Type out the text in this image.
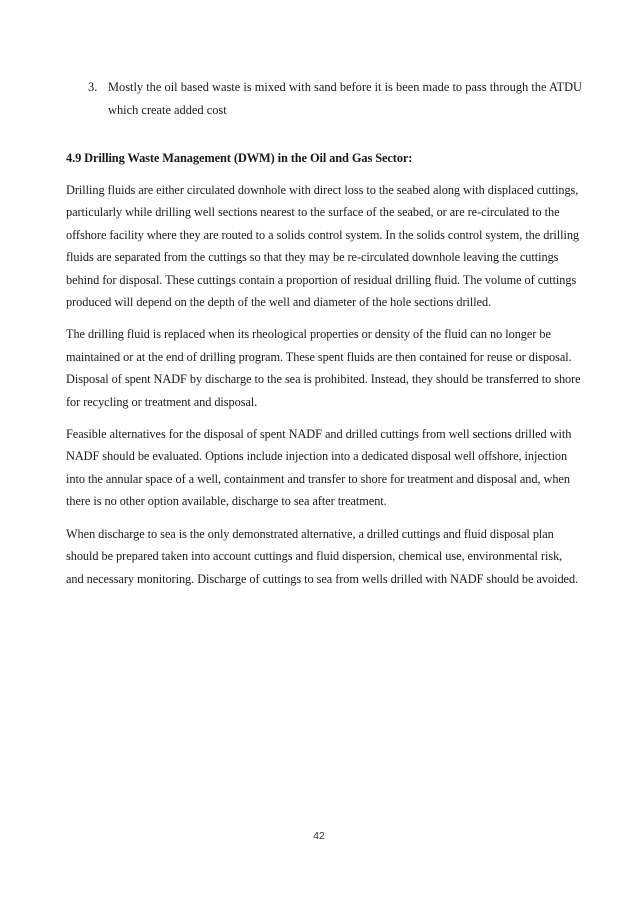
3. Mostly the oil based waste is mixed with sand before it is been made to pass through the ATDU which create added cost
4.9 Drilling Waste Management (DWM) in the Oil and Gas Sector:

Drilling fluids are either circulated downhole with direct loss to the seabed along with displaced cuttings, particularly while drilling well sections nearest to the surface of the seabed, or are re-circulated to the offshore facility where they are routed to a solids control system. In the solids control system, the drilling fluids are separated from the cuttings so that they may be re-circulated downhole leaving the cuttings behind for disposal. These cuttings contain a proportion of residual drilling fluid. The volume of cuttings produced will depend on the depth of the well and diameter of the hole sections drilled.

The drilling fluid is replaced when its rheological properties or density of the fluid can no longer be maintained or at the end of drilling program. These spent fluids are then contained for reuse or disposal. Disposal of spent NADF by discharge to the sea is prohibited. Instead, they should be transferred to shore for recycling or treatment and disposal.

Feasible alternatives for the disposal of spent NADF and drilled cuttings from well sections drilled with NADF should be evaluated. Options include injection into a dedicated disposal well offshore, injection into the annular space of a well, containment and transfer to shore for treatment and disposal and, when there is no other option available, discharge to sea after treatment.

When discharge to sea is the only demonstrated alternative, a drilled cuttings and fluid disposal plan should be prepared taken into account cuttings and fluid dispersion, chemical use, environmental risk, and necessary monitoring. Discharge of cuttings to sea from wells drilled with NADF should be avoided.

42
